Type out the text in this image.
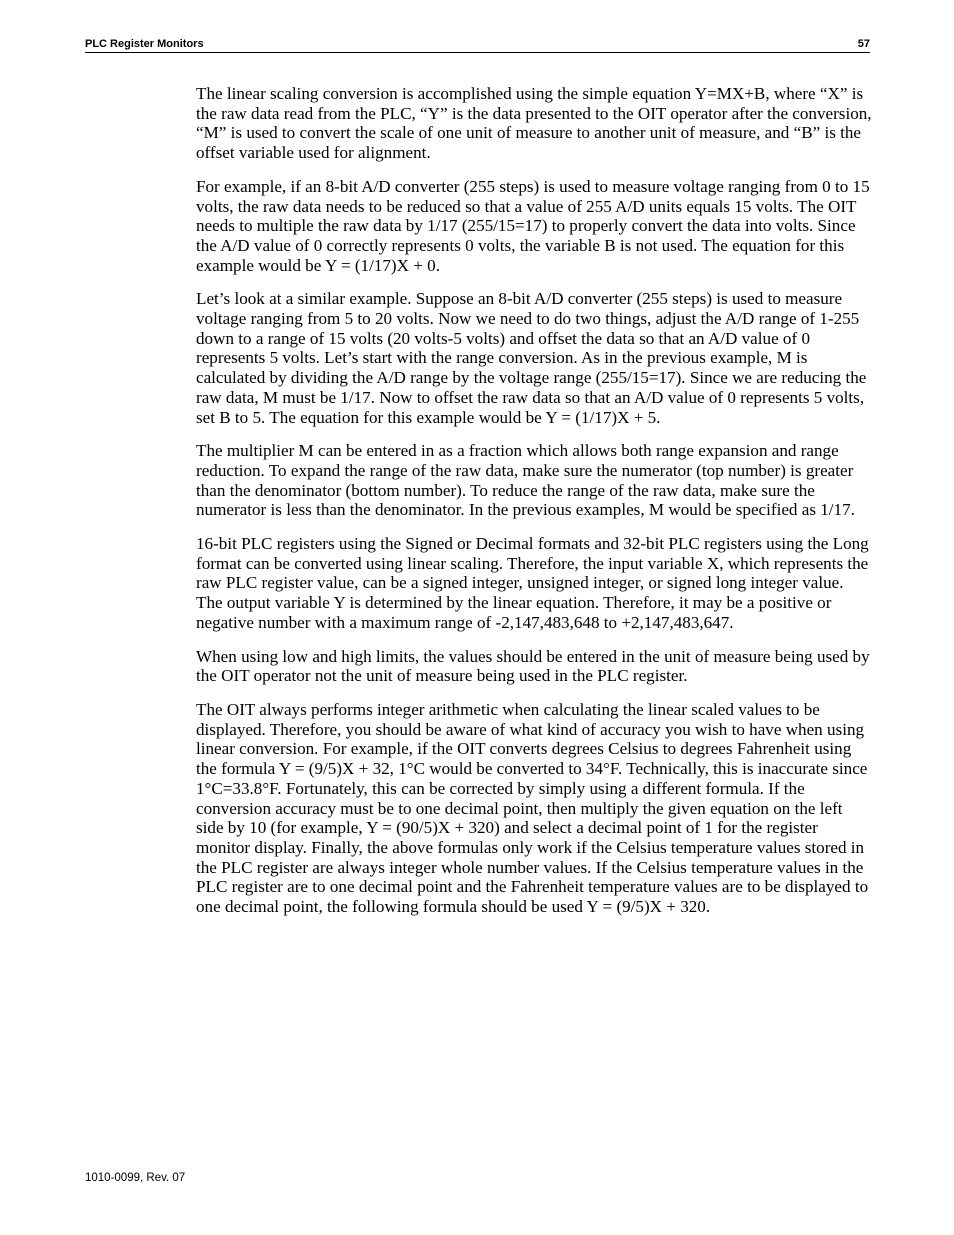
PLC Register Monitors	57

The linear scaling conversion is accomplished using the simple equation Y=MX+B, where “X” is the raw data read from the PLC, “Y” is the data presented to the OIT operator after the conversion, “M” is used to convert the scale of one unit of measure to another unit of measure, and “B” is the offset variable used for alignment.

For example, if an 8-bit A/D converter (255 steps) is used to measure voltage ranging from 0 to 15 volts, the raw data needs to be reduced so that a value of 255 A/D units equals 15 volts. The OIT needs to multiple the raw data by 1/17 (255/15=17) to properly convert the data into volts. Since the A/D value of 0 correctly represents 0 volts, the variable B is not used. The equation for this example would be Y = (1/17)X + 0.

Let’s look at a similar example. Suppose an 8-bit A/D converter (255 steps) is used to measure voltage ranging from 5 to 20 volts. Now we need to do two things, adjust the A/D range of 1-255 down to a range of 15 volts (20 volts-5 volts) and offset the data so that an A/D value of 0 represents 5 volts. Let’s start with the range conversion. As in the previous example, M is calculated by dividing the A/D range by the voltage range (255/15=17). Since we are reducing the raw data, M must be 1/17. Now to offset the raw data so that an A/D value of 0 represents 5 volts, set B to 5. The equation for this example would be Y = (1/17)X + 5.

The multiplier M can be entered in as a fraction which allows both range expansion and range reduction. To expand the range of the raw data, make sure the numerator (top number) is greater than the denominator (bottom number). To reduce the range of the raw data, make sure the numerator is less than the denominator. In the previous examples, M would be specified as 1/17.

16-bit PLC registers using the Signed or Decimal formats and 32-bit PLC registers using the Long format can be converted using linear scaling. Therefore, the input variable X, which represents the raw PLC register value, can be a signed integer, unsigned integer, or signed long integer value. The output variable Y is determined by the linear equation. Therefore, it may be a positive or negative number with a maximum range of -2,147,483,648 to +2,147,483,647.

When using low and high limits, the values should be entered in the unit of measure being used by the OIT operator not the unit of measure being used in the PLC register.

The OIT always performs integer arithmetic when calculating the linear scaled values to be displayed. Therefore, you should be aware of what kind of accuracy you wish to have when using linear conversion. For example, if the OIT converts degrees Celsius to degrees Fahrenheit using the formula Y = (9/5)X + 32, 1°C would be converted to 34°F. Technically, this is inaccurate since 1°C=33.8°F. Fortunately, this can be corrected by simply using a different formula. If the conversion accuracy must be to one decimal point, then multiply the given equation on the left side by 10 (for example, Y = (90/5)X + 320) and select a decimal point of 1 for the register monitor display. Finally, the above formulas only work if the Celsius temperature values stored in the PLC register are always integer whole number values. If the Celsius temperature values in the PLC register are to one decimal point and the Fahrenheit temperature values are to be displayed to one decimal point, the following formula should be used Y = (9/5)X + 320.

1010-0099, Rev. 07
